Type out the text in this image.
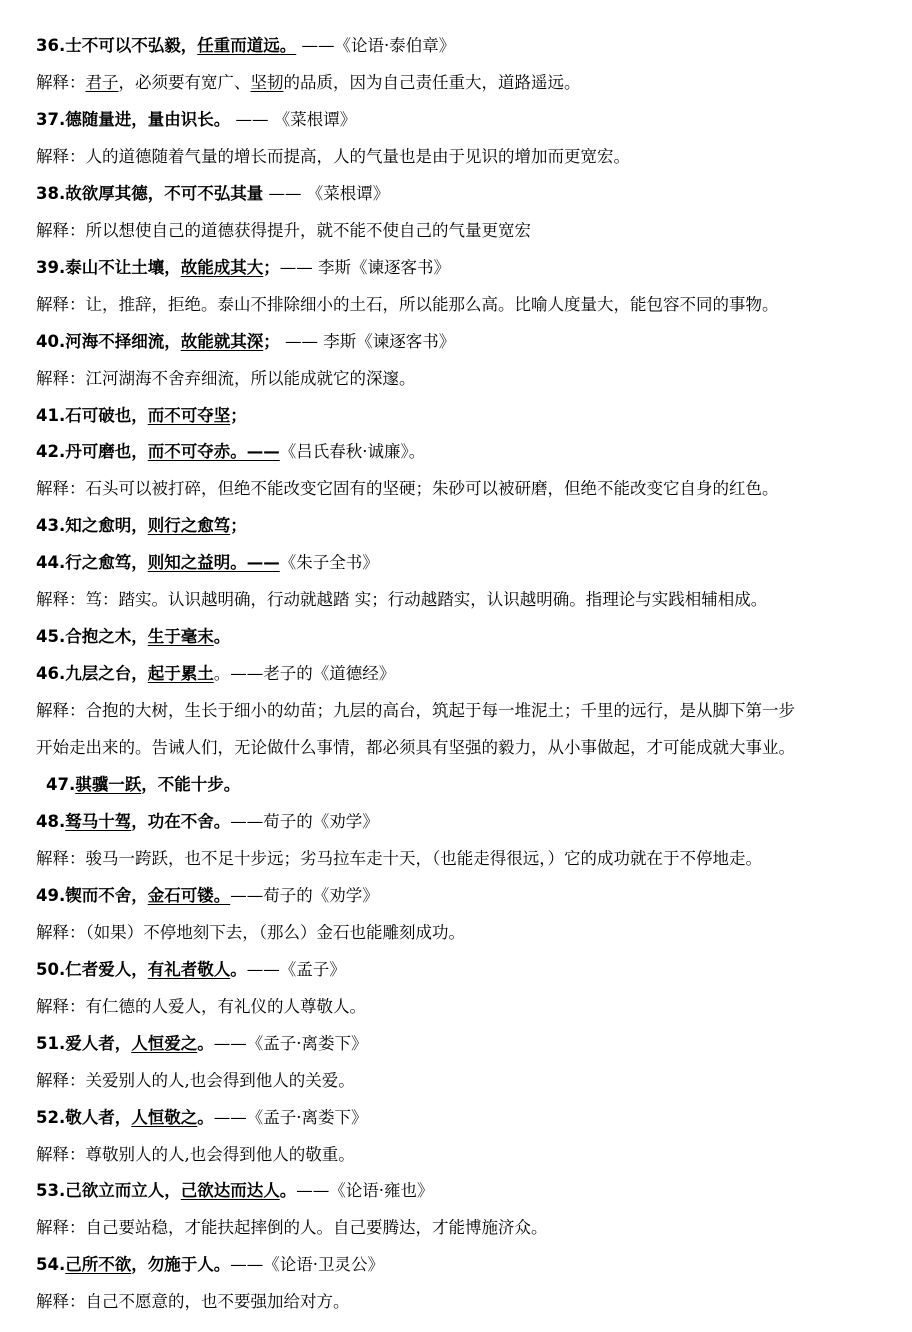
36.士不可以不弘毅，任重而道远。 ——《论语·泰伯章》
解释：君子，必须要有宽广、坚韧的品质，因为自己责任重大，道路遥远。
37.德随量进，量由识长。 —— 《菜根谭》
解释：人的道德随着气量的增长而提高，人的气量也是由于见识的增加而更宽宏。
38.故欲厚其德，不可不弘其量 —— 《菜根谭》
解释：所以想使自己的道德获得提升，就不能不使自己的气量更宽宏
39.泰山不让土壤，故能成其大；—— 李斯《谏逐客书》
解释：让，推辞，拒绝。泰山不排除细小的土石，所以能那么高。比喻人度量大，能包容不同的事物。
40.河海不择细流，故能就其深； —— 李斯《谏逐客书》
解释：江河湖海不舍弃细流，所以能成就它的深邃。
41.石可破也，而不可夺坚；
42.丹可磨也，而不可夺赤。——《吕氏春秋·诚廉》。
解释：石头可以被打碎，但绝不能改变它固有的坚硬；朱砂可以被研磨，但绝不能改变它自身的红色。
43.知之愈明，则行之愈笃；
44.行之愈笃，则知之益明。——《朱子全书》
解释：笃：踏实。认识越明确，行动就越踏 实；行动越踏实，认识越明确。指理论与实践相辅相成。
45.合抱之木，生于毫末。
46.九层之台，起于累土。——老子的《道德经》
解释：合抱的大树，生长于细小的幼苗；九层的高台，筑起于每一堆泥土；千里的远行，是从脚下第一步
开始走出来的。告诫人们，无论做什么事情，都必须具有坚强的毅力，从小事做起，才可能成就大事业。
47.骐骥一跃，不能十步。
48.驽马十驾，功在不舍。——荀子的《劝学》
解释：骏马一跨跃，也不足十步远；劣马拉车走十天，（也能走得很远，）它的成功就在于不停地走。
49.锲而不舍，金石可镂。——荀子的《劝学》
解释：（如果）不停地刻下去，（那么）金石也能雕刻成功。
50.仁者爱人，有礼者敬人。——《孟子》
解释：有仁德的人爱人，有礼仪的人尊敬人。
51.爱人者，人恒爱之。——《孟子·离娄下》
解释：关爱别人的人,也会得到他人的关爱。
52.敬人者，人恒敬之。——《孟子·离娄下》
解释：尊敬别人的人,也会得到他人的敬重。
53.己欲立而立人，己欲达而达人。——《论语·雍也》
解释：自己要站稳，才能扶起摔倒的人。自己要腾达，才能博施济众。
54.己所不欲，勿施于人。——《论语·卫灵公》
解释：自己不愿意的，也不要强加给对方。
